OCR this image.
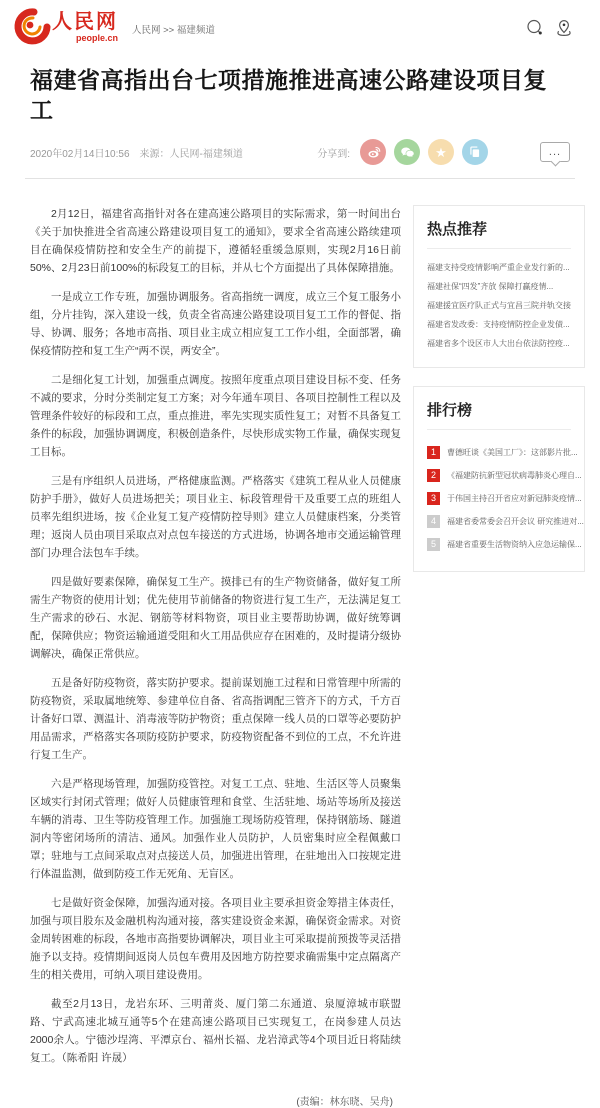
人民网
people.cn
人民网 >> 福建频道
福建省高指出台七项措施推进高速公路建设项目复工
2020年02月14日10:56 来源：人民网-福建频道	分享到: ★	...

2月12日，福建省高指针对各在建高速公路项目的实际需求，第一时间出台《关于加快推进全省高速公路建设项目复工的通知》，要求全省高速公路续建项目在确保疫情防控和安全生产的前提下，遵循轻重缓急原则，实现2月16日前50%、2月23日前100%的标段复工的目标，并从七个方面提出了具体保障措施。

一是成立工作专班，加强协调服务。省高指统一调度，成立三个复工服务小组，分片挂钩，深入建设一线，负责全省高速公路建设项目复工工作的督促、指导、协调、服务；各地市高指、项目业主成立相应复工工作小组，全面部署，确保疫情防控和复工生产“两不误，两安全”。

二是细化复工计划，加强重点调度。按照年度重点项目建设目标不变、任务不减的要求，分时分类制定复工方案；对今年通车项目、各项目控制性工程以及管理条件较好的标段和工点，重点推进，率先实现实质性复工；对暂不具备复工条件的标段，加强协调调度，积极创造条件，尽快形成实物工作量，确保实现复工目标。

三是有序组织人员进场，严格健康监测。严格落实《建筑工程从业人员健康防护手册》，做好人员进场把关；项目业主、标段管理骨干及重要工点的班组人员率先组织进场，按《企业复工复产疫情防控导则》建立人员健康档案，分类管理；返岗人员由项目采取点对点包车接送的方式进场，协调各地市交通运输管理部门办理合法包车手续。

四是做好要素保障，确保复工生产。摸排已有的生产物资储备，做好复工所需生产物资的使用计划；优先使用节前储备的物资进行复工生产，无法满足复工生产需求的砂石、水泥、钢筋等材料物资，项目业主要帮助协调，做好统筹调配，保障供应；物资运输通道受阻和火工用品供应存在困难的，及时提请分级协调解决，确保正常供应。

五是备好防疫物资，落实防护要求。提前谋划施工过程和日常管理中所需的防疫物资，采取属地统筹、参建单位自备、省高指调配三管齐下的方式，千方百计备好口罩、测温计、消毒液等防护物资；重点保障一线人员的口罩等必要防护用品需求，严格落实各项防疫防护要求，防疫物资配备不到位的工点，不允许进行复工生产。

六是严格现场管理，加强防疫管控。对复工工点、驻地、生活区等人员聚集区域实行封闭式管理；做好人员健康管理和食堂、生活驻地、场站等场所及接送车辆的消毒、卫生等防疫管理工作。加强施工现场防疫管理，保持钢筋场、隧道洞内等密闭场所的清洁、通风。加强作业人员防护，人员密集时应全程佩戴口罩；驻地与工点间采取点对点接送人员，加强进出管理，在驻地出入口按规定进行体温监测，做到防疫工作无死角、无盲区。

七是做好资金保障，加强沟通对接。各项目业主要承担资金筹措主体责任，加强与项目股东及金融机构沟通对接，落实建设资金来源，确保资金需求。对资金周转困难的标段，各地市高指要协调解决，项目业主可采取提前预拨等灵活措施予以支持。疫情期间返岗人员包车费用及因地方防控要求确需集中定点隔离产生的相关费用，可纳入项目建设费用。

截至2月13日，龙岩东环、三明莆炎、厦门第二东通道、泉厦漳城市联盟路、宁武高速北城互通等5个在建高速公路项目已实现复工，在岗参建人员达2000余人。宁德沙埕湾、平潭京台、福州长福、龙岩漳武等4个项目近日将陆续复工。（陈希阳 许晟）

(责编：林东晓、吴舟)
热点推荐
福建支持受疫情影响严重企业发行新的...
福建社保“四发”齐放 保障打赢疫情...
福建援宜医疗队正式与宜昌三院并轨交接
福建省发改委：支持疫情防控企业发债...
福建省多个设区市人大出台依法防控疫...
排行榜
1	曹德旺谈《美国工厂》：这部影片批...
2	《福建防抗新型冠状病毒肺炎心理自...
3	于伟国主持召开省应对新冠肺炎疫情...
4	福建省委常委会召开会议 研究推进对...
5	福建省重要生活物资纳入应急运输保...
